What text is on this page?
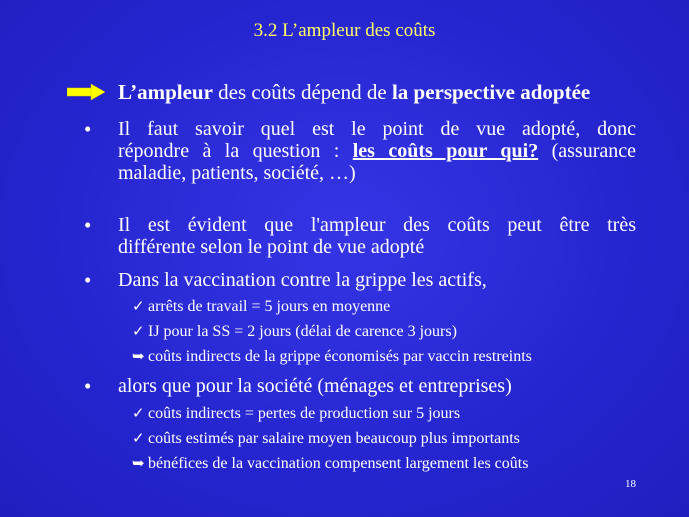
3.2 L’ampleur des coûts
L’ampleur des coûts dépend de la perspective adoptée
• Il faut savoir quel est le point de vue adopté, donc
répondre à la question : les coûts pour qui? (assurance
maladie, patients, société, …)
• Il est évident que l'ampleur des coûts peut être très
différente selon le point de vue adopté
• Dans la vaccination contre la grippe les actifs,
✓ arrêts de travail = 5 jours en moyenne
✓ IJ pour la SS = 2 jours (délai de carence 3 jours)
➥ coûts indirects de la grippe économisés par vaccin restreints
• alors que pour la société (ménages et entreprises)
✓ coûts indirects = pertes de production sur 5 jours
✓ coûts estimés par salaire moyen beaucoup plus importants
➥ bénéfices de la vaccination compensent largement les coûts
18
